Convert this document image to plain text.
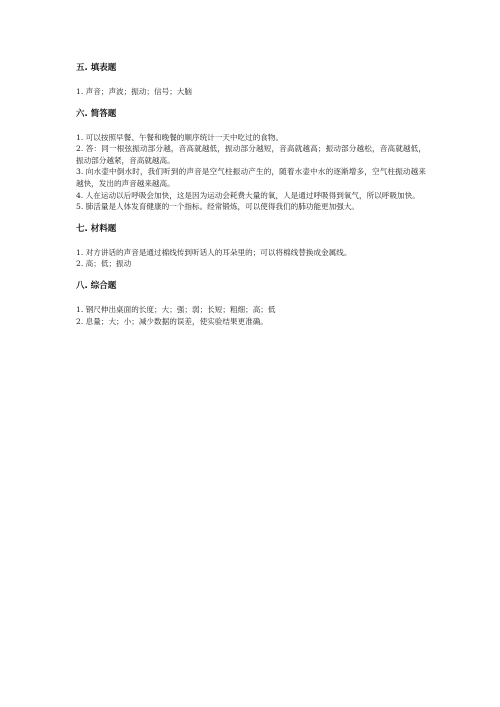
五. 填表题

1. 声音；声波；振动；信号；大脑

六. 简答题

1. 可以按照早餐、午餐和晚餐的顺序统计一天中吃过的食物。

2. 答：同一根弦振动部分越，音高就越低，振动部分越短，音高就越高；振动部分越松，音高就越低，振动部分越紧，音高就越高。

3. 向水壶中倒水时，我们听到的声音是空气柱振动产生的，随着水壶中水的逐渐增多，空气柱振动越来越快，发出的声音越来越高。

4. 人在运动以后呼吸会加快，这是因为运动会耗费大量的氧，人是通过呼吸得到氧气，所以呼吸加快。

5. 肺活量是人体发育健康的一个指标。经常锻炼，可以使得我们的肺功能更加强大。

七. 材料题

1. 对方讲话的声音是通过棉线传到听话人的耳朵里的；可以将棉线替换成金属线。

2. 高；低；振动

八. 综合题

1. 钢尺伸出桌面的长度；大；强；弱；长短；粗细；高；低

2. 息量；大；小；减少数据的误差，使实验结果更准确。
